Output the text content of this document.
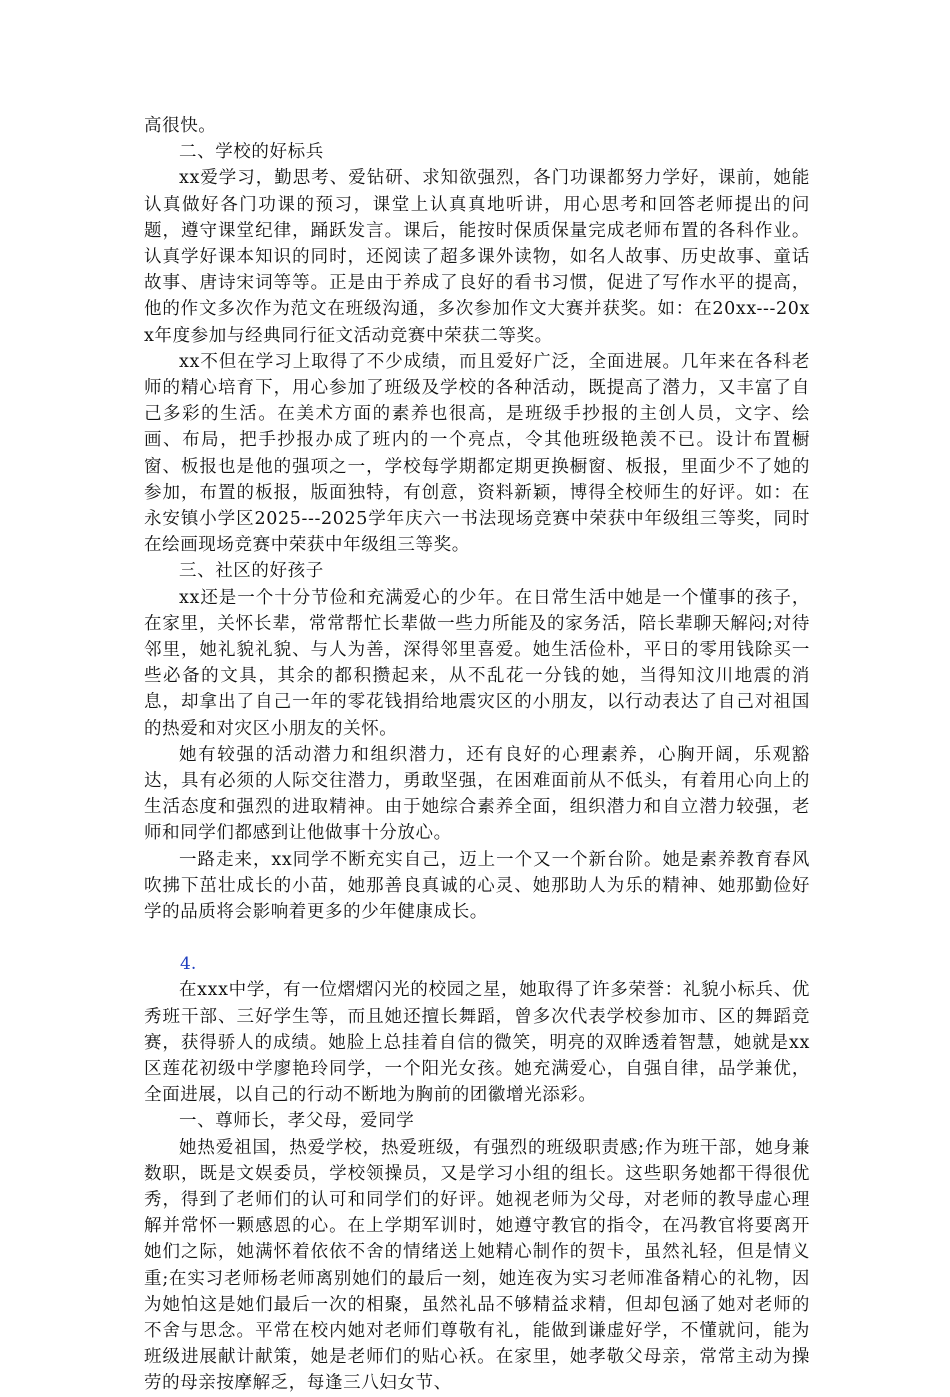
高很快。

二、学校的好标兵

xx爱学习，勤思考、爱钻研、求知欲强烈，各门功课都努力学好，课前，她能认真做好各门功课的预习，课堂上认真真地听讲，用心思考和回答老师提出的问题，遵守课堂纪律，踊跃发言。课后，能按时保质保量完成老师布置的各科作业。认真学好课本知识的同时，还阅读了超多课外读物，如名人故事、历史故事、童话故事、唐诗宋词等等。正是由于养成了良好的看书习惯，促进了写作水平的提高，他的作文多次作为范文在班级沟通，多次参加作文大赛并获奖。如：在20xx---20xx年度参加与经典同行征文活动竞赛中荣获二等奖。

xx不但在学习上取得了不少成绩，而且爱好广泛，全面进展。几年来在各科老师的精心培育下，用心参加了班级及学校的各种活动，既提高了潜力，又丰富了自己多彩的生活。在美术方面的素养也很高，是班级手抄报的主创人员，文字、绘画、布局，把手抄报办成了班内的一个亮点，令其他班级艳羡不已。设计布置橱窗、板报也是他的强项之一，学校每学期都定期更换橱窗、板报，里面少不了她的参加，布置的板报，版面独特，有创意，资料新颖，博得全校师生的好评。如：在永安镇小学区2025---2025学年庆六一书法现场竞赛中荣获中年级组三等奖，同时在绘画现场竞赛中荣获中年级组三等奖。

三、社区的好孩子

xx还是一个十分节俭和充满爱心的少年。在日常生活中她是一个懂事的孩子，在家里，关怀长辈，常常帮忙长辈做一些力所能及的家务活，陪长辈聊天解闷;对待邻里，她礼貌礼貌、与人为善，深得邻里喜爱。她生活俭朴，平日的零用钱除买一些必备的文具，其余的都积攒起来，从不乱花一分钱的她，当得知汶川地震的消息，却拿出了自己一年的零花钱捐给地震灾区的小朋友，以行动表达了自己对祖国的热爱和对灾区小朋友的关怀。

她有较强的活动潜力和组织潜力，还有良好的心理素养，心胸开阔，乐观豁达，具有必须的人际交往潜力，勇敢坚强，在困难面前从不低头，有着用心向上的生活态度和强烈的进取精神。由于她综合素养全面，组织潜力和自立潜力较强，老师和同学们都感到让他做事十分放心。

一路走来，xx同学不断充实自己，迈上一个又一个新台阶。她是素养教育春风吹拂下茁壮成长的小苗，她那善良真诚的心灵、她那助人为乐的精神、她那勤俭好学的品质将会影响着更多的少年健康成长。

4.

在xxx中学，有一位熠熠闪光的校园之星，她取得了许多荣誉：礼貌小标兵、优秀班干部、三好学生等，而且她还擅长舞蹈，曾多次代表学校参加市、区的舞蹈竞赛，获得骄人的成绩。她脸上总挂着自信的微笑，明亮的双眸透着智慧，她就是xx区莲花初级中学廖艳玲同学，一个阳光女孩。她充满爱心，自强自律，品学兼优，全面进展，以自己的行动不断地为胸前的团徽增光添彩。

一、尊师长，孝父母，爱同学

她热爱祖国，热爱学校，热爱班级，有强烈的班级职责感;作为班干部，她身兼数职，既是文娱委员，学校领操员，又是学习小组的组长。这些职务她都干得很优秀，得到了老师们的认可和同学们的好评。她视老师为父母，对老师的教导虚心理解并常怀一颗感恩的心。在上学期军训时，她遵守教官的指令，在冯教官将要离开她们之际，她满怀着依依不舍的情绪送上她精心制作的贺卡，虽然礼轻，但是情义重;在实习老师杨老师离别她们的最后一刻，她连夜为实习老师准备精心的礼物，因为她怕这是她们最后一次的相聚，虽然礼品不够精益求精，但却包涵了她对老师的不舍与思念。平常在校内她对老师们尊敬有礼，能做到谦虚好学，不懂就问，能为班级进展献计献策，她是老师们的贴心袄。在家里，她孝敬父母亲，常常主动为操劳的母亲按摩解乏，每逢三八妇女节、
